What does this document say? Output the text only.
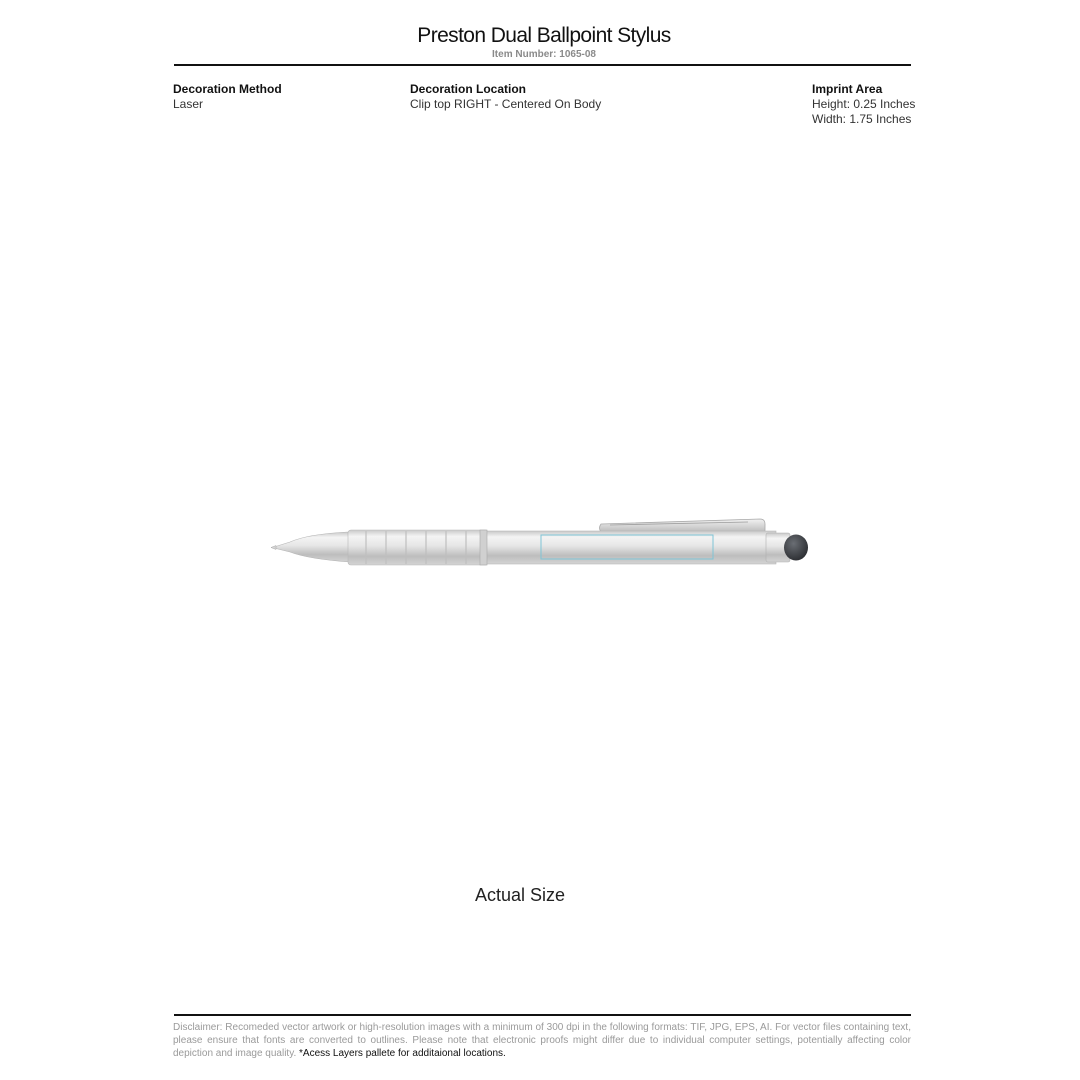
Preston Dual Ballpoint Stylus
Item Number: 1065-08
Decoration Method
Laser
Decoration Location
Clip top RIGHT - Centered On Body
Imprint Area
Height: 0.25 Inches
Width: 1.75 Inches
Actual Size
Disclaimer: Recomeded vector artwork or high-resolution images with a minimum of 300 dpi in the following formats: TIF, JPG, EPS, AI. For vector files containing text, please ensure that fonts are converted to outlines. Please note that electronic proofs might differ due to individual computer settings, potentially affecting color depiction and image quality. *Acess Layers pallete for additaional locations.
